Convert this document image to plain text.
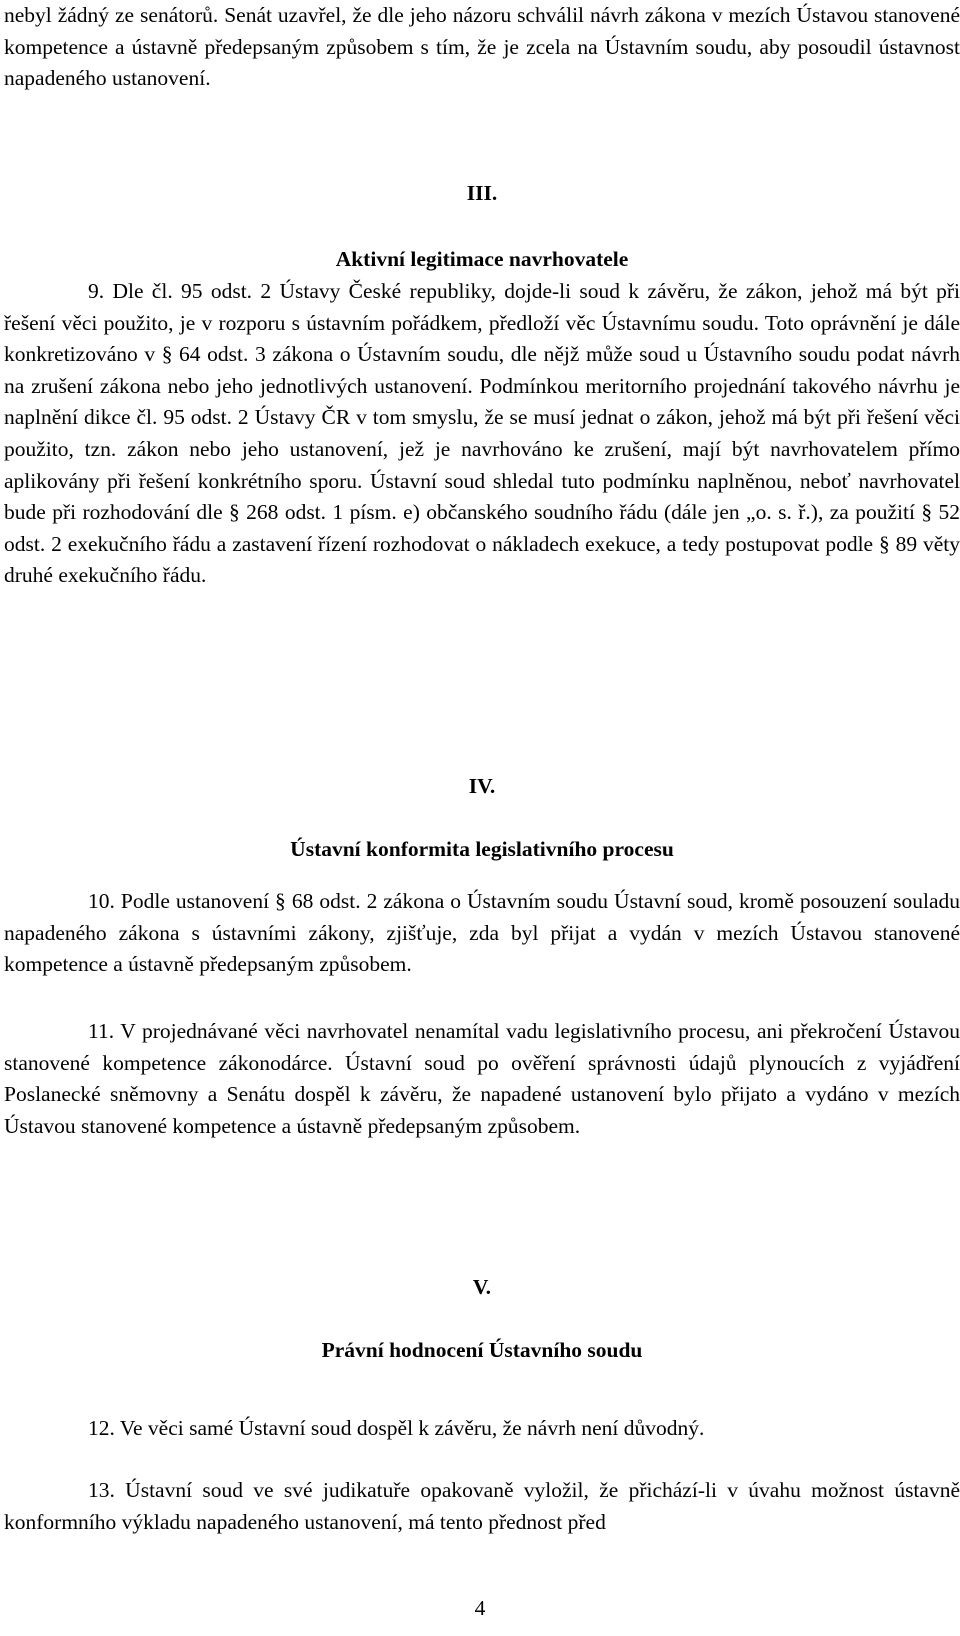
nebyl žádný ze senátorů. Senát uzavřel, že dle jeho názoru schválil návrh zákona v mezích Ústavou stanovené kompetence a ústavně předepsaným způsobem s tím, že je zcela na Ústavním soudu, aby posoudil ústavnost napadeného ustanovení.

III.

Aktivní legitimace navrhovatele

9. Dle čl. 95 odst. 2 Ústavy České republiky, dojde-li soud k závěru, že zákon, jehož má být při řešení věci použito, je v rozporu s ústavním pořádkem, předloží věc Ústavnímu soudu. Toto oprávnění je dále konkretizováno v § 64 odst. 3 zákona o Ústavním soudu, dle nějž může soud u Ústavního soudu podat návrh na zrušení zákona nebo jeho jednotlivých ustanovení. Podmínkou meritorního projednání takového návrhu je naplnění dikce čl. 95 odst. 2 Ústavy ČR v tom smyslu, že se musí jednat o zákon, jehož má být při řešení věci použito, tzn. zákon nebo jeho ustanovení, jež je navrhováno ke zrušení, mají být navrhovatelem přímo aplikovány při řešení konkrétního sporu. Ústavní soud shledal tuto podmínku naplněnou, neboť navrhovatel bude při rozhodování dle § 268 odst. 1 písm. e) občanského soudního řádu (dále jen „o. s. ř.), za použití § 52 odst. 2 exekučního řádu a zastavení řízení rozhodovat o nákladech exekuce, a tedy postupovat podle § 89 věty druhé exekučního řádu.

IV.

Ústavní konformita legislativního procesu

10. Podle ustanovení § 68 odst. 2 zákona o Ústavním soudu Ústavní soud, kromě posouzení souladu napadeného zákona s ústavními zákony, zjišťuje, zda byl přijat a vydán v mezích Ústavou stanovené kompetence a ústavně předepsaným způsobem.

11. V projednávané věci navrhovatel nenamítal vadu legislativního procesu, ani překročení Ústavou stanovené kompetence zákonodárce. Ústavní soud po ověření správnosti údajů plynoucích z vyjádření Poslanecké sněmovny a Senátu dospěl k závěru, že napadené ustanovení bylo přijato a vydáno v mezích Ústavou stanovené kompetence a ústavně předepsaným způsobem.

V.

Právní hodnocení Ústavního soudu

12. Ve věci samé Ústavní soud dospěl k závěru, že návrh není důvodný.

13. Ústavní soud ve své judikatuře opakovaně vyložil, že přichází-li v úvahu možnost ústavně konformního výkladu napadeného ustanovení, má tento přednost před

4
